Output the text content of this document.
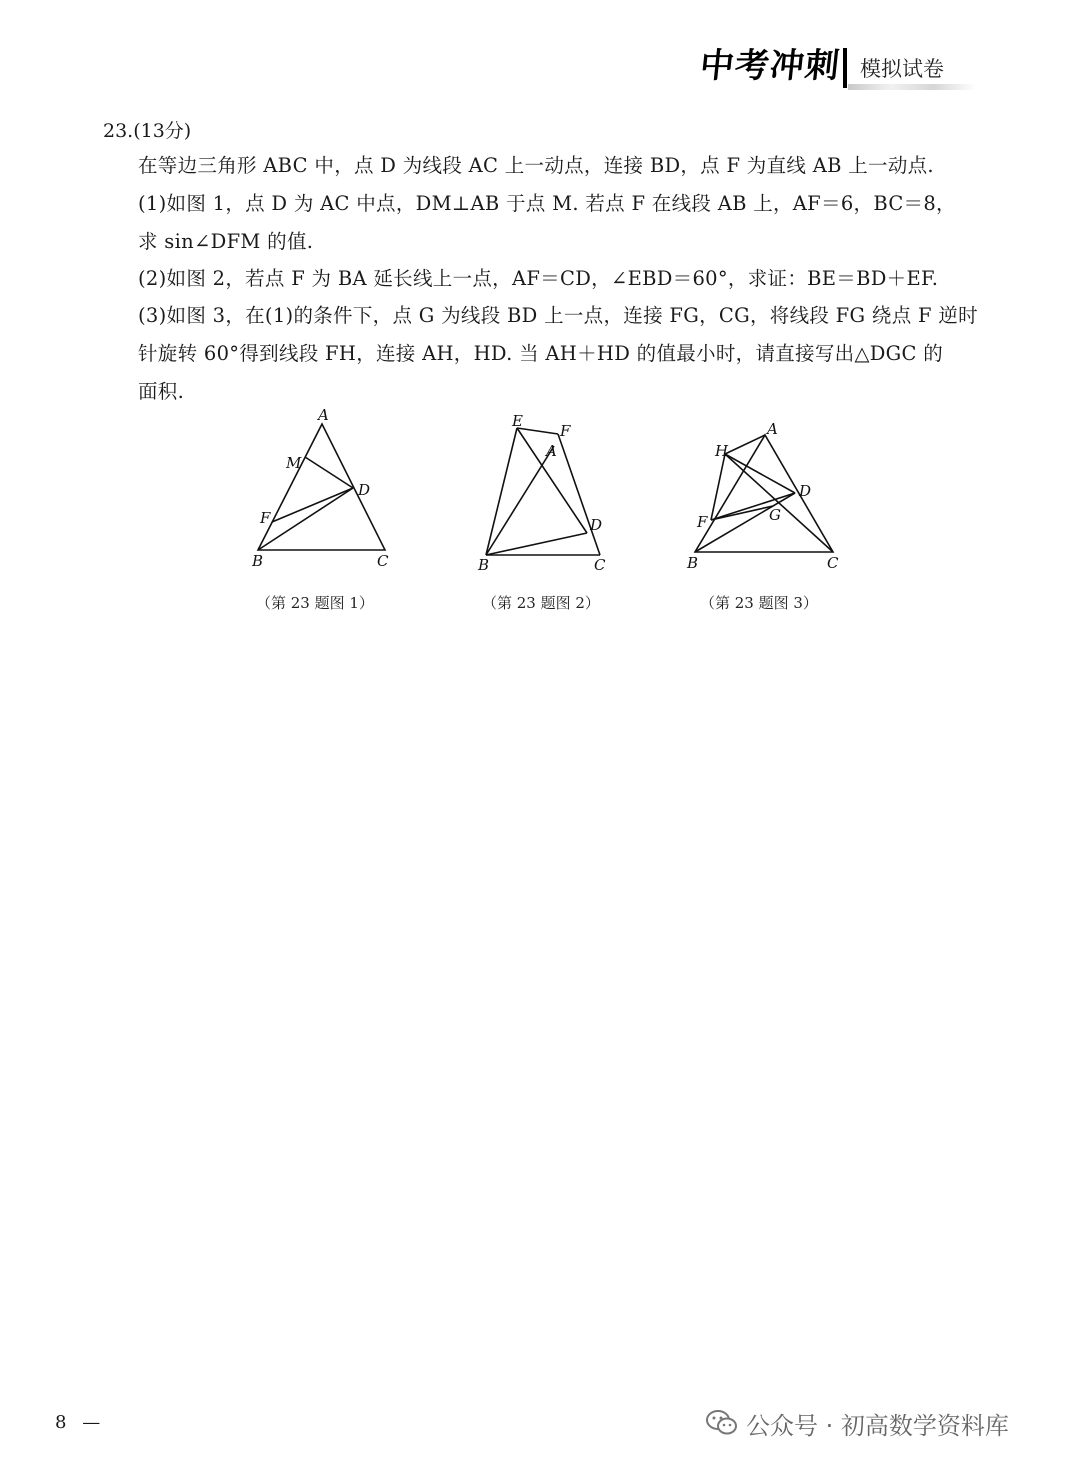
中考冲刺 模拟试卷
23.(13分)
在等边三角形 ABC 中，点 D 为线段 AC 上一动点，连接 BD，点 F 为直线 AB 上一动点.
(1)如图 1，点 D 为 AC 中点，DM⊥AB 于点 M. 若点 F 在线段 AB 上，AF＝6，BC＝8，
求 sin∠DFM 的值.
(2)如图 2，若点 F 为 BA 延长线上一点，AF＝CD，∠EBD＝60°，求证：BE＝BD＋EF.
(3)如图 3，在(1)的条件下，点 G 为线段 BD 上一点，连接 FG，CG，将线段 FG 绕点 F 逆时
针旋转 60°得到线段 FH，连接 AH，HD. 当 AH＋HD 的值最小时，请直接写出△DGC 的
面积.
A
M
D
F
B	C
（第 23 题图 1）
E
F
A
D
B	C
（第 23 题图 2）
H
A
D
F	G
B	C
（第 23 题图 3）
8 —	公众号 · 初高数学资料库
